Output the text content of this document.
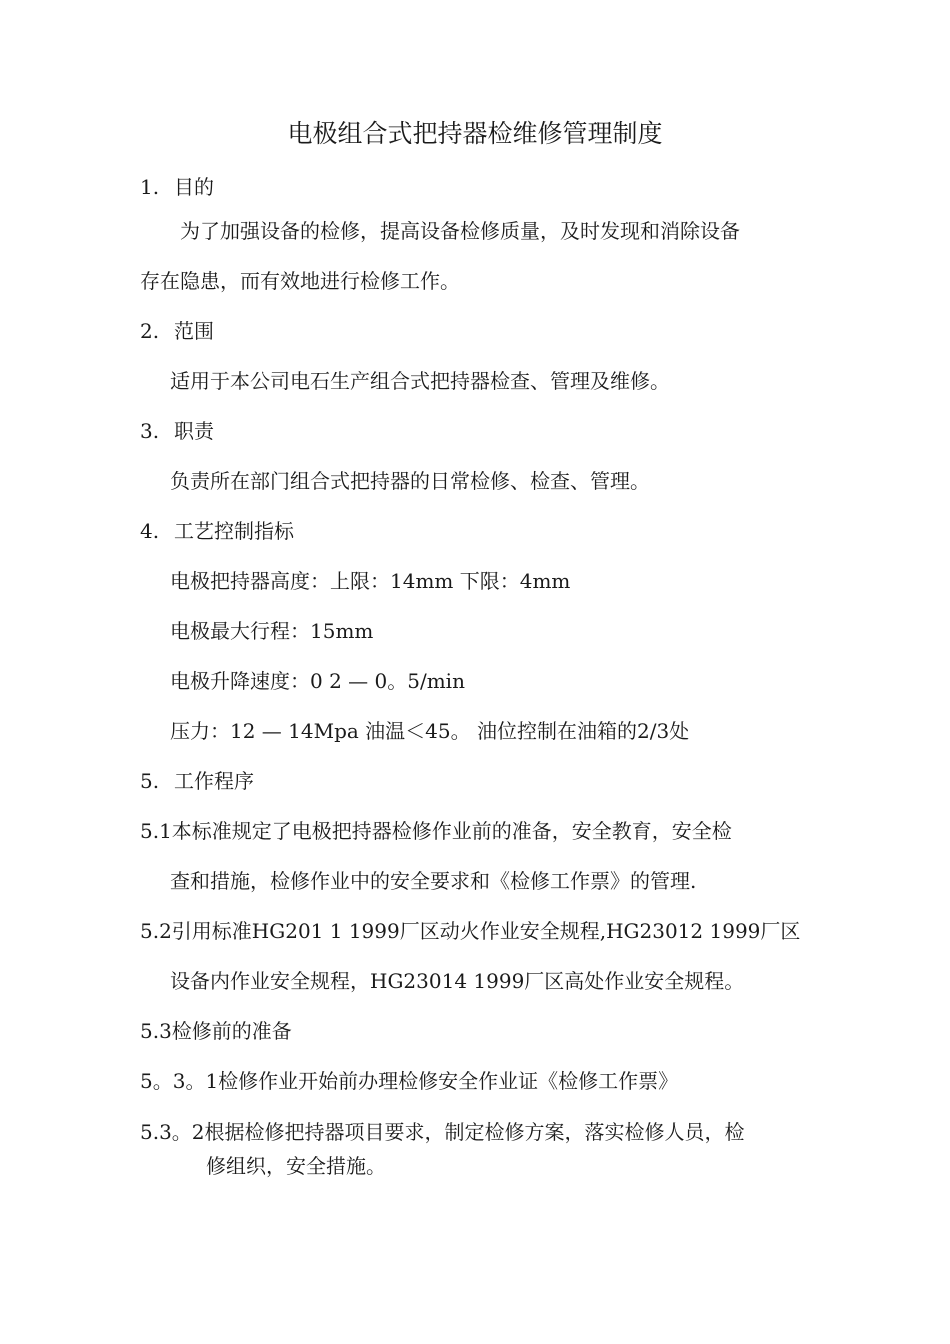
电极组合式把持器检维修管理制度
1. 目的
为了加强设备的检修，提高设备检修质量，及时发现和消除设备
存在隐患，而有效地进行检修工作。
2. 范围
适用于本公司电石生产组合式把持器检查、管理及维修。
3. 职责
负责所在部门组合式把持器的日常检修、检查、管理。
4. 工艺控制指标
电极把持器高度：上限：14mm 下限：4mm
电极最大行程：15mm
电极升降速度：0 2 — 0。5/min
压力：12 — 14Mpa 油温＜45。 油位控制在油箱的2/3处
5. 工作程序
5.1本标准规定了电极把持器检修作业前的准备，安全教育，安全检
查和措施，检修作业中的安全要求和《检修工作票》的管理.
5.2引用标准HG201 1 1999厂区动火作业安全规程,HG23012 1999厂区
设备内作业安全规程，HG23014 1999厂区高处作业安全规程。
5.3检修前的准备
5。3。1检修作业开始前办理检修安全作业证《检修工作票》
5.3。2根据检修把持器项目要求，制定检修方案，落实检修人员，检
修组织，安全措施。
